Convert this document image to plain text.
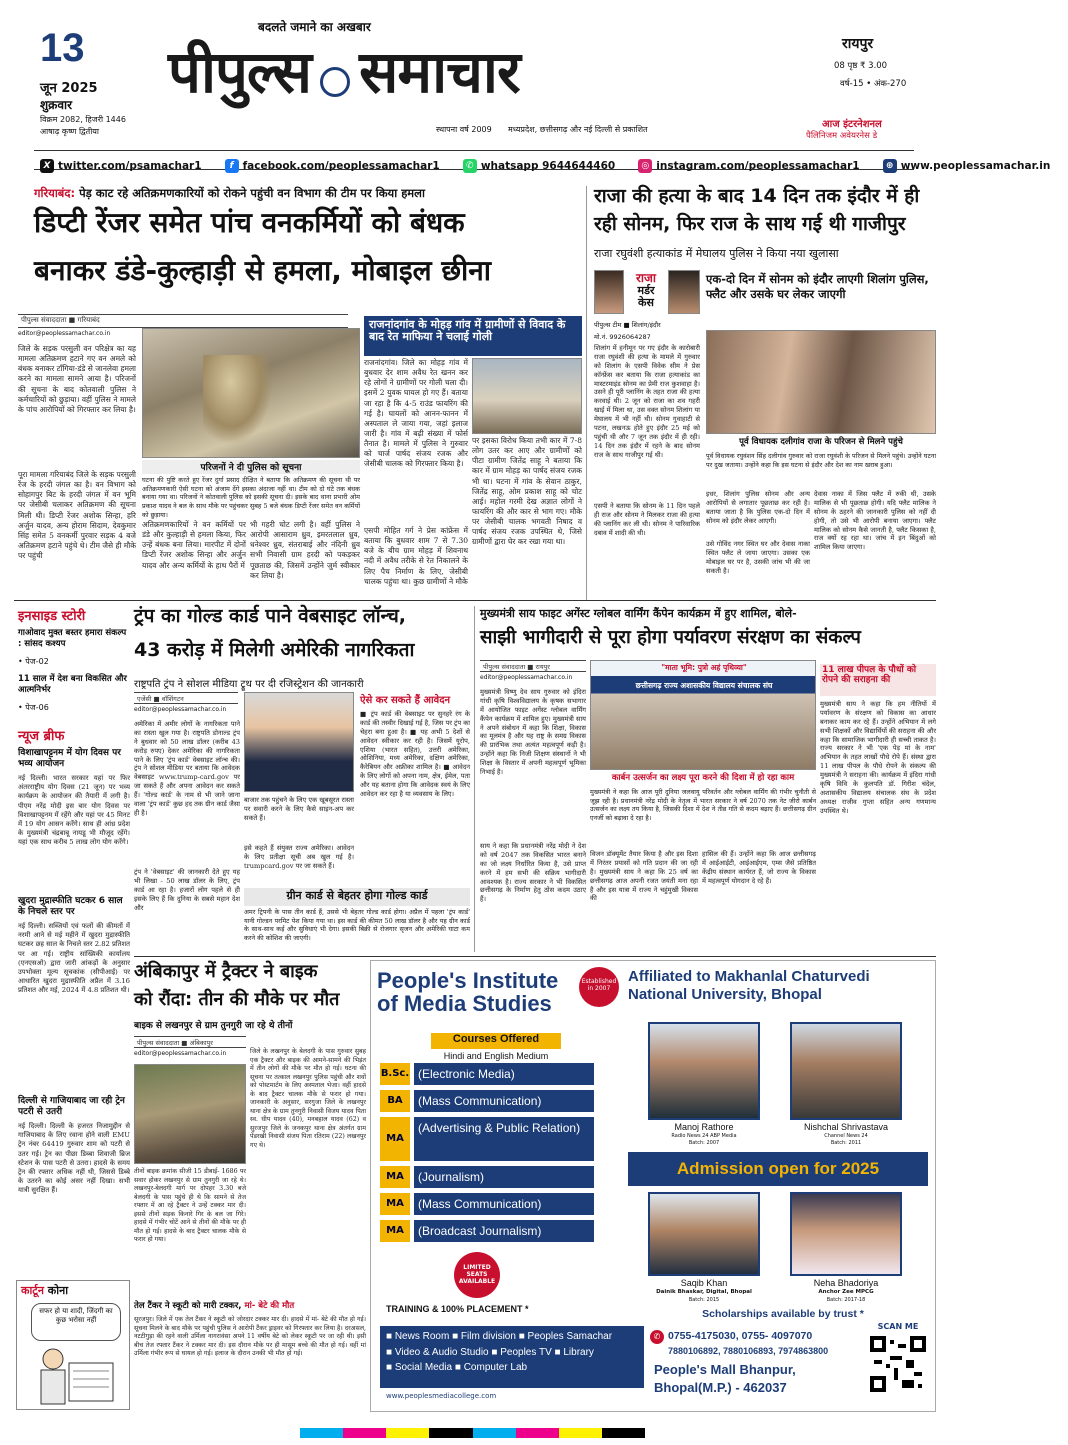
13
जून 2025
शुक्रवार
विक्रम 2082, हिजरी 1446
आषाढ़ कृष्ण द्वितीया
बदलते जमाने का अखबार
पीपुल्स समाचार
स्थापना वर्ष 2009 मध्यप्रदेश, छत्तीसगढ़ और नई दिल्ली से प्रकाशित
रायपुर
08 पृष्ठ ₹ 3.00
वर्ष-15 • अंक-270
आज इंटरनेशनल
पैलिनिजम अवेयरनेस डे
X twitter.com/psamachar1
	f facebook.com/peoplessamachar1
	✆ whatsapp 9644644460
	◎ instagram.com/peoplessamachar1
	⊕ www.peoplessamachar.in
गरियाबंद: पेड़ काट रहे अतिक्रमणकारियों को रोकने पहुंची वन विभाग की टीम पर किया हमला
डिप्टी रेंजर समेत पांच वनकर्मियों को बंधक
बनाकर डंडे-कुल्हाड़ी से हमला, मोबाइल छीना
पीपुल्स संवाददाता ■ गरियाबंद
editor@peoplessamachar.co.in
जिले के सड़क परसुली वन परिक्षेत्र का यह मामला अतिक्रमण हटाने गए वन अमले को बंधक बनाकर टाँगिया-डंडे से जानलेवा हमला करने का मामला सामने आया है। परिजनों की सूचना के बाद कोतवाली पुलिस ने कर्मचारियों को छुड़ाया। वहीं पुलिस ने मामले के पांच आरोपियों को गिरफ्तार कर लिया है।
पूरा मामला गरियाबंद जिले के सड़क परसुली रेंज के हरदी जंगल का है। वन विभाग को सोहागपुर बिट के हरदी जंगल में वन भूमि पर जेसीबी चलाकर अतिक्रमण की सूचना मिली थी। डिप्टी रेंजर अशोक सिन्हा, हरि अर्जुन यादव, अन्य होराम सिदाम, देवकुमार सिंह समेत 5 वनकर्मी पुरवार सड़क 4 बजे अतिक्रमण हटाने पहुंचे थे। टीम जैसे ही मौके पर पहुंची
परिजनों ने दी पुलिस को सूचना
घटना की पुष्टि करते हुए रेंजर दुर्गा प्रसाद दीक्षित ने बताया कि अतिक्रमण की सूचना थी पर अतिक्रमणकारी ऐसी घटना को अंजाम देंगे इसका अंदाजा नहीं था। टीम को दो घंटे तक बंधक बनाया गया था। परिजनों ने कोतवाली पुलिस को इसकी सूचना दी। इसके बाद थाना प्रभारी ओम प्रकाश यादव ने बल के साथ मौके पर पहुंचकर सुबह 5 बजे बंधक डिप्टी रेंजर समेत वन कर्मियों को छुड़ाया।
अतिक्रमणकारियों ने वन कर्मियों पर डंडे और कुल्हाड़ी से हमला किया, फिर उन्हें बंधक बना लिया। मारपीट में दोनों डिप्टी रेंजर अशोक सिन्हा और अर्जुन यादव और अन्य कर्मियों के हाथ पैरों में
भी गहरी चोट लगी है। वहीं पुलिस ने आरोपी आसाराम ध्रुव, इमरतलाल ध्रुव, धनेश्वर ध्रुव, संतराबाई और नंदिनी ध्रुव सभी निवासी ग्राम हरदी को पकड़कर पूछताछ की, जिसमें उन्होंने जुर्म स्वीकार कर लिया है।
राजनांदगांव के मोहड़ गांव में ग्रामीणों से विवाद के बाद रेत माफिया ने चलाई गोली
राजनांदगांव। जिले का मोहड़ गांव में बुधवार देर शाम अवैध रेत खनन कर रहे लोगों ने ग्रामीणों पर गोली चला दी। इसमें 2 युवक घायल हो गए हैं। बताया जा रहा है कि 4-5 राउंड फायरिंग की गई है। घायलों को आनन-फानन में अस्पताल ले जाया गया, जहां इलाज जारी है। गांव में बढ़ी संख्या में फोर्स तैनात है। मामले में पुलिस ने गुरुवार को चार्ज पार्षद संजय रजक और जेसीबी चालक को गिरफ्तार किया है।
एसपी मोहित गर्ग ने प्रेस कांफ्रेंस में बताया कि बुधवार शाम 7 से 7.30 बजे के बीच ग्राम मोहड़ में शिवनाथ नदी में अवैध तरीके से रेत निकालने के लिए पैच निर्माण के लिए, जेसीबी चालक पहुंचा था। कुछ ग्रामीणों ने मौके
पर इसका विरोध किया तभी कार में 7-8 लोग उतर कर आए और ग्रामीणों को पीटा ग्रामीण जितेंद्र साहू ने बताया कि कार में ग्राम मोहड़ का पार्षद संजय रजक भी था। घटना में गांव के सेवान ठाकुर, जितेंद्र साहू, ओम प्रकाश साहू को चोट आई। महोल गरमी देख अज्ञात लोगों ने फायरिंग की और कार से भाग गए। मौके पर जेसीबी चालक भगवती निषाद व पार्षद संजय रजक उपस्थित थे, जिसे ग्रामीणों द्वारा घेर कर रखा गया था।
राजा की हत्या के बाद 14 दिन तक इंदौर में ही
रही सोनम, फिर राज के साथ गई थी गाजीपुर
राजा रघुवंशी हत्याकांड में मेघालय पुलिस ने किया नया खुलासा
राजा
मर्डर
केस
पीपुल्स टीम ■ शिलांग/इंदौर
मो.नं. 9926064287
एक-दो दिन में सोनम को इंदौर लाएगी शिलांग पुलिस, फ्लैट और उसके घर लेकर जाएगी
शिलांग में हनीमून पर गए इंदौर के कारोबारी राजा रघुवंशी की हत्या के मामले में गुरुवार को शिलांग के एसपी विवेक सीम ने प्रेस कॉन्फ्रेंस कर बताया कि राजा हत्याकांड का मास्टरमाइंड सोनम का प्रेमी राज कुशवाहा है। उसने ही पूरी प्लानिंग के तहत राजा की हत्या करवाई थी। 2 जून को राजा का शव गहरी खाई में मिला था, उस वक्त सोनम शिलांग या मेघालय में भी नहीं थी। सोनम गुवाहाटी से पटना, लखनऊ होते हुए इंदौर 25 मई को पहुंची थी और 7 जून तक इंदौर में ही रही। 14 दिन तक इंदौर में रहने के बाद सोनम राज के साथ गाजीपुर गई थी।
एसपी ने बताया कि सोनम के 11 दिन पहले ही राज और सोनम ने मिलकर राजा की हत्या की प्लानिंग कर ली थी। सोनम ने पारिवारिक दबाव में शादी की थी।
पूर्व विधायक दलीगांव राजा के परिजन से मिलने पहुंचे
पूर्व विधायक रघुवंशन सिंह दलीगांव गुरुवार को राजा रघुवंशी के परिजन से मिलने पहुंचे। उन्होंने घटना पर दुख जताया। उन्होंने कहा कि इस घटना से इंदौर और देश का नाम खराब हुआ।
इधर, शिलांग पुलिस सोनम और अन्य आरोपियों से लगातार पूछताछ कर रही है। बताया जाता है कि पुलिस एक-दो दिन में सोनम को इंदौर लेकर आएगी।
उसे गोविंद नगर स्थित घर और देवास नाका स्थित फ्लैट ले जाया जाएगा। उसका एक मोबाइल घर पर है, उसकी जांच भी की जा सकती है।
देवास नाका में जिस फ्लैट में रुकी थी, उसके मालिक से भी पूछताछ होगी। यदि फ्लैट मालिक ने सोनम के ठहरने की जानकारी पुलिस को नहीं दी होगी, तो उसे भी आरोपी बनाया जाएगा। फ्लैट मालिक को सोनम कैसे जानती है, फ्लैट किसका है, राज क्यों रह रहा था। जांच में इन बिंदुओं को शामिल किया जाएगा।
इनसाइड स्टोरी
गाओवाद मुक्त बस्तर हमारा संकल्प : सांसद कश्यप
• पेज-02
11 साल में देश बना विकसित और आत्मनिर्भर
• पेज-06
न्यूज ब्रीफ
विशाखापट्टनम में योग दिवस पर भव्य आयोजन
नई दिल्ली। भारत सरकार यहां पर फिर अंतरराष्ट्रीय योग दिवस (21 जून) पर भव्य कार्यक्रम के आयोजन की तैयारी में लगी है। पीएम नरेंद्र मोदी इस बार योग दिवस पर विशाखापट्टनम में रहेंगे और यहां पर 45 मिनट में 19 योग आसन करेंगे। साथ ही आंध्र प्रदेश के मुख्यमंत्री चंद्रबाबू नायडू भी मौजूद रहेंगे। यहां एक साथ करीब 5 लाख लोग योग करेंगे।
खुदरा मुद्रास्फीति घटकर 6 साल के निचले स्तर पर
नई दिल्ली। सब्जियों एवं फलों की कीमतों में नरमी आने से मई महीने में खुदरा मुद्रास्फीति घटकर छह साल के निचले स्तर 2.82 प्रतिशत पर आ गई। राष्ट्रीय सांख्यिकी कार्यालय (एनएसओ) द्वारा जारी आंकड़ों के अनुसार उपभोक्ता मूल्य सूचकांक (सीपीआई) पर आधारित खुदरा मुद्रास्फीति अप्रैल में 3.16 प्रतिशत और मई, 2024 में 4.8 प्रतिशत थी।
दिल्ली से गाजियाबाद जा रही ट्रेन पटरी से उतरी
नई दिल्ली। दिल्ली के हजरत निजामुद्दीन से गाजियाबाद के लिए रवाना होने वाली EMU ट्रेन नंबर 64419 गुरुवार शाम को पटरी से उतर गई। ट्रेन का पीछा डिब्बा शिवाजी ब्रिज स्टेशन के पास पटरी से उतरा। हादसे के समय ट्रेन की रफ्तार अधिक नहीं थी, जिससे डिब्बे के उतरने का कोई असर नहीं दिखा। सभी यात्री सुरक्षित हैं।
कार्टून कोना
सफर हो या शादी, जिंदगी का कुछ भरोसा नहीं
ट्रंप का गोल्ड कार्ड पाने वेबसाइट लॉन्च,
43 करोड़ में मिलेगी अमेरिकी नागरिकता
राष्ट्रपति ट्रंप ने सोशल मीडिया ट्रूथ पर दी रजिस्ट्रेशन की जानकारी
एजेंसी ■ वॉशिंगटन
editor@peoplessamachar.co.in
अमेरिका में अमीर लोगों के नागरिकता पाने का रास्ता खुल गया है। राष्ट्रपति डोनाल्ड ट्रंप ने बुधवार को 50 लाख डॉलर (करीब 43 करोड़ रुपए) देकर अमेरिका की नागरिकता पाने के लिए 'ट्रंप कार्ड' वेबसाइट लॉन्च की। ट्रंप ने सोशल मीडिया पर बताया कि आवेदक वेबसाइट www.trump-card.gov पर जा सकते हैं और अपना आवेदन कर सकते हैं। 'गोल्ड कार्ड' के नाम से भी जाने जाना वाला 'ट्रंप कार्ड' कुछ हद तक ग्रीन कार्ड जैसा ही है।
ट्रंप ने 'वेबसाइट' की जानकारी देते हुए यह भी लिखा - 50 लाख डॉलर के लिए, ट्रंप कार्ड आ रहा है। हजारों लोग पहले से ही इसके लिए हैं कि दुनिया के सबसे महान देश और
बाजार तक पहुंचने के लिए एक खूबसूरत रास्ता पर सवारी करने के लिए कैसे साइन-अप कर सकते हैं।
इसे कहते हैं संयुक्त राज्य अमेरिका। आवेदन के लिए प्रतीक्षा सूची अब खुल गई है। trumpcard.gov पर जा सकते हैं।
ऐसे कर सकते हैं आवेदन
■ ट्रंप कार्ड की वेबसाइट पर सुनहरे रंग के कार्ड की तस्वीर दिखाई गई है, जिस पर ट्रंप का चेहरा बना हुआ है। ■ यह अभी 5 देशों से आवेदन स्वीकार कर रही है। जिसमें यूरोप, एशिया (भारत सहित), उत्तरी अमेरिका, ओशिनिया, मध्य अमेरिका, दक्षिण अमेरिका, कैरेबियन और अफ्रीका शामिल है। ■ आवेदन के लिए लोगों को अपना नाम, क्षेत्र, ईमेल, पता और यह बताना होगा कि आवेदक स्वयं के लिए आवेदन कर रहा है या व्यवसाय के लिए।
ग्रीन कार्ड से बेहतर होगा गोल्ड कार्ड
अमर ट्रिपनी के पास तीन कार्ड हैं, उससे भी बेहतर गोल्ड कार्ड होगा। अप्रैल में पहला 'ट्रंप कार्ड' यानी गोल्डन परमिट पेश किया गया था। इस कार्ड की कीमत 50 लाख डॉलर है और यह ग्रीन कार्ड के साथ-साथ कई और सुविधाएं भी देगा। इसकी बिक्री से रोजगार सृजन और अमेरिकी घाटा कम करने की कोशिश की जाएगी।
मुख्यमंत्री साय फाइट अगेंस्ट ग्लोबल वार्मिंग कैंपेन कार्यक्रम में हुए शामिल, बोले-
साझी भागीदारी से पूरा होगा पर्यावरण संरक्षण का संकल्प
पीपुल्स संवाददाता ■ रायपुर
editor@peoplessamachar.co.in
मुख्यमंत्री विष्णु देव साय गुरुवार को इंदिरा गांधी कृषि विश्वविद्यालय के कृषक सभागार में आयोजित फाइट अगेंस्ट ग्लोबल वार्मिंग कैंपेन कार्यक्रम में शामिल हुए। मुख्यमंत्री साय ने अपने संबोधन में कहा कि शिक्षा, विकास का मूलमंत्र है और यह राष्ट्र के समग्र विकास की प्रारंभिक तथा अत्यंत महत्वपूर्ण कड़ी है। उन्होंने कहा कि निजी शिक्षण संस्थानों ने भी शिक्षा के विस्तार में अपनी महत्वपूर्ण भूमिका निभाई है।
साय ने कहा कि प्रधानमंत्री नरेंद्र मोदी ने देश को वर्ष 2047 तक विकसित भारत बनाने का जो लक्ष्य निर्धारित किया है, उसे प्राप्त करने में हम सभी की सक्रिय भागीदारी आवश्यक है। राज्य सरकार ने भी विकसित छत्तीसगढ़ के निर्माण हेतु ठोस कदम उठाए हैं।
"माता भूमि: पुत्रो अहं पृथिव्या"
छत्तीसगढ़ राज्य अशासकीय विद्यालय संचालक संघ
कार्बन उत्सर्जन का लक्ष्य पूरा करने की दिशा में हो रहा काम
मुख्यमंत्री ने कहा कि आज पूरी दुनिया जलवायु परिवर्तन और ग्लोबल वार्मिंग की गंभीर चुनौती से जूझ रही है। प्रधानमंत्री नरेंद्र मोदी के नेतृत्व में भारत सरकार ने वर्ष 2070 तक नेट जीरो कार्बन उत्सर्जन का लक्ष्य तय किया है, जिसकी दिशा में देश ने तीव्र गति से कदम बढ़ाए हैं। छत्तीसगढ़ ग्रीन एनर्जी को बढ़ावा दे रहा है।
विजन डॉक्यूमेंट तैयार किया है और इस दिशा में निरंतर प्रयासों को गति प्रदान की जा रही है। मुख्यमंत्री साय ने कहा कि 25 वर्ष का छत्तीसगढ़ आज अपनी रजत जयंती मना रहा है और इस यात्रा में राज्य ने चहुंमुखी विकास की
हासिल की हैं। उन्होंने कहा कि आज छत्तीसगढ़ में आईआईटी, आईआईएम, एम्स जैसे प्रतिष्ठित केंद्रीय संस्थान कार्यरत हैं, जो राज्य के विकास में महत्वपूर्ण योगदान दे रहे हैं।
11 लाख पीपल के पौधों को रोपने की सराहना की
मुख्यमंत्री साय ने कहा कि हम नीतियों में पर्यावरण के संरक्षण को विकास का आधार बनाकर काम कर रहे हैं। उन्होंने अभियान में लगे सभी शिक्षकों और विद्यार्थियों की सराहना की और कहा कि सामाजिक भागीदारी ही सच्ची ताकत है। राज्य सरकार ने भी 'एक पेड़ मां के नाम' अभियान के तहत लाखों पौधे रोपे हैं। संस्था द्वारा 11 लाख पीपल के पौधे रोपने के संकल्प की मुख्यमंत्री ने सराहना की। कार्यक्रम में इंदिरा गांधी कृषि विवि के कुलपति डॉ. गिरीश चंदेल, अशासकीय विद्यालय संचालक संघ के प्रदेश अध्यक्ष राजीव गुप्ता सहित अन्य गणमान्य उपस्थित थे।
अंबिकापुर में ट्रैक्टर ने बाइक
को रौंदा: तीन की मौके पर मौत
बाइक से लखनपुर से ग्राम तुनगुरी जा रहे थे तीनों
पीपुल्स संवाददाता ■ अंबिकापुर
editor@peoplessamachar.co.in	जिले के लखनपुर के बेलदगी के पास गुरुवार सुबह एक ट्रैक्टर और बाइक की आमने-सामने की भिड़ंत में तीन लोगों की मौके पर मौत हो गई। घटना की सूचना पर तत्काल लखनपुर पुलिस पहुंची और शवों को पोस्टमार्टम के लिए अस्पताल भेजा। वहीं हादसे के बाद ट्रैक्टर चालक मौके से फरार हो गया। जानकारी के अनुसार, सरगुजा जिले के लखनपुर थाना क्षेत्र के ग्राम तुनगुरी निवासी विजय यादव पिता स्व. धीप यादव (40), मनबहाल यादव (62) व सुरजपुर जिले के जनकपुर थाना क्षेत्र अंतर्गत ग्राम पेंडरखी निवासी संजय पिता रतिराम (22) लखनपुर गए थे।
तीनों बाइक क्रमांक सीजी 15 डीबाई- 1686 पर सवार होकर लखनपुर से ग्राम तुनगुरी जा रहे थे। लखनपुर-बेलदगी मार्ग पर दोपहर 3.30 बजे बेलदगी के पास पहुंचे ही थे कि सामने से तेज रफ्तार में आ रहे ट्रैक्टर ने उन्हें टक्कर मार दी। इससे तीनों सड़क किनारे गिर के बल जा गिरे। हादसे में गंभीर चोटें आने से तीनों की मौके पर ही मौत हो गई। हादसे के बाद ट्रैक्टर चालक मौके से फरार हो गया।
तेल टैंकर ने स्कूटी को मारी टक्कर, मां- बेटे की मौत
सूरजपुर। जिले में एक तेल टैंकर ने स्कूटी को जोरदार टक्कर मार दी। हादसे में मां- बेटे की मौत हो गई। सूचना मिलने के बाद मौके पर पहुंची पुलिस ने आरोपी टैंकर ड्राइवर को गिरफ्तार कर लिया है। दरअसल, नटटीगुड़ा की रहने वाली उर्मिला नागरावंसा अपने 11 वर्षीय बेटे को लेकर स्कूटी पर जा रही थी। इसी बीच तेज रफ्तार टैंकर ने टक्कर मार दी। इस दौरान मौके पर ही मासूम बच्चे की मौत हो गई। वहीं मां उर्मिला गंभीर रूप से घायल हो गई। इलाज के दौरान उनकी भी मौत हो गई।
People's Institute
of Media Studies
Established in 2007
Courses Offered
Hindi and English Medium
B.Sc. (Electronic Media)
BA	(Mass Communication)
MA
(Advertising & Public Relation)
MA	(Journalism)
MA	(Mass Communication)
MA	(Broadcast Journalism)
LIMITED SEATS AVAILABLE
TRAINING & 100% PLACEMENT *
Affiliated to Makhanlal Chaturvedi
National University, Bhopal
Manoj Rathore
Radio News 24 ABP Media
Batch: 2007
Nishchal Shrivastava
Channel News 24
Batch: 2011
Admission open for 2025
Saqib Khan
Dainik Bhaskar, Digital, Bhopal
Batch: 2015
Neha Bhadoriya
Anchor Zee MPCG
Batch: 2017-18
Scholarships available by trust *
■ News Room ■ Film division ■ Peoples Samachar
■ Video & Audio Studio ■ Peoples TV ■ Library
■ Social Media ■ Computer Lab
www.peoplesmediacollege.com
✆ 0755-4175030, 0755- 4097070
7880106892, 7880106893, 7974863800
People's Mall Bhanpur,
Bhopal(M.P.) - 462037
SCAN ME
